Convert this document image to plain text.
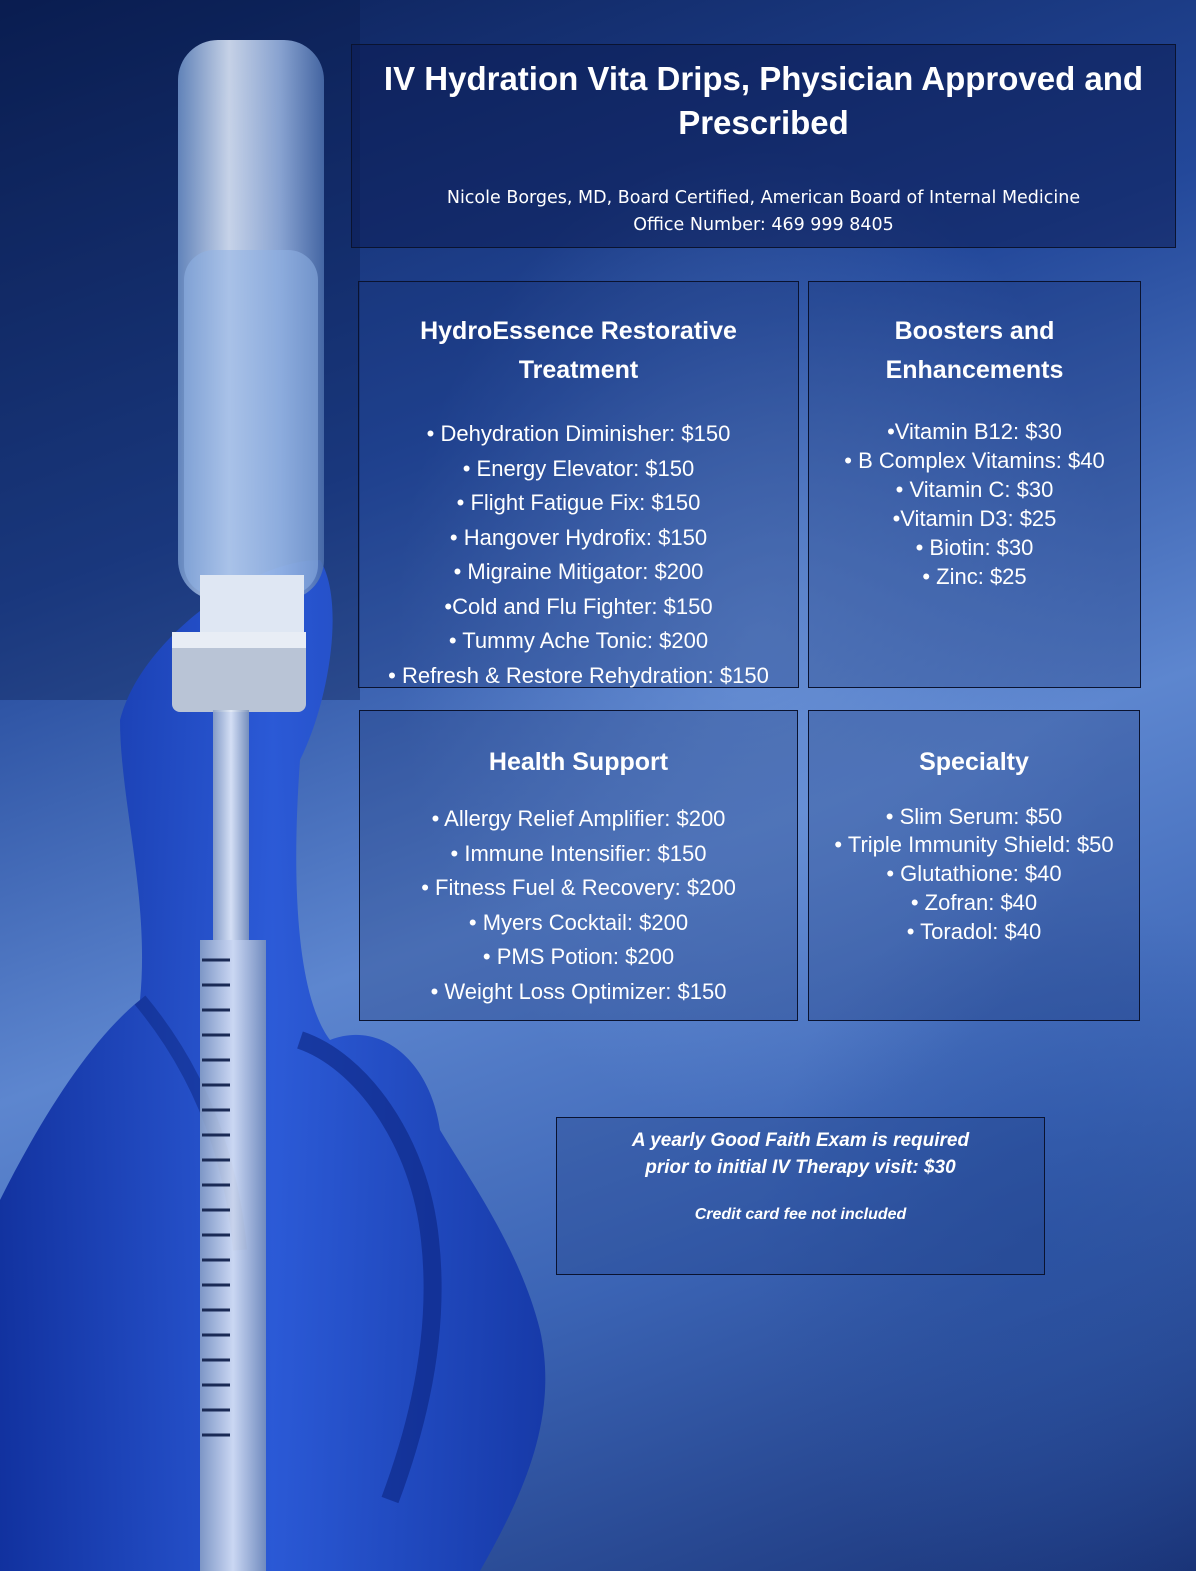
IV Hydration Vita Drips, Physician Approved and Prescribed
Nicole Borges, MD, Board Certified, American Board of Internal Medicine
Office Number: 469 999 8405
HydroEssence Restorative Treatment
• Dehydration Diminisher: $150
• Energy Elevator: $150
• Flight Fatigue Fix: $150
• Hangover Hydrofix: $150
• Migraine Mitigator: $200
•Cold and Flu Fighter: $150
• Tummy Ache Tonic: $200
• Refresh & Restore Rehydration: $150
Boosters and Enhancements
•Vitamin B12: $30
• B Complex Vitamins: $40
• Vitamin C: $30
•Vitamin D3: $25
• Biotin: $30
• Zinc: $25
Health Support
• Allergy Relief Amplifier: $200
• Immune Intensifier: $150
• Fitness Fuel & Recovery: $200
• Myers Cocktail: $200
• PMS Potion: $200
• Weight Loss Optimizer: $150
Specialty
• Slim Serum: $50
• Triple Immunity Shield: $50
• Glutathione: $40
• Zofran: $40
• Toradol: $40
A yearly Good Faith Exam is required
prior to initial IV Therapy visit: $30
Credit card fee not included
